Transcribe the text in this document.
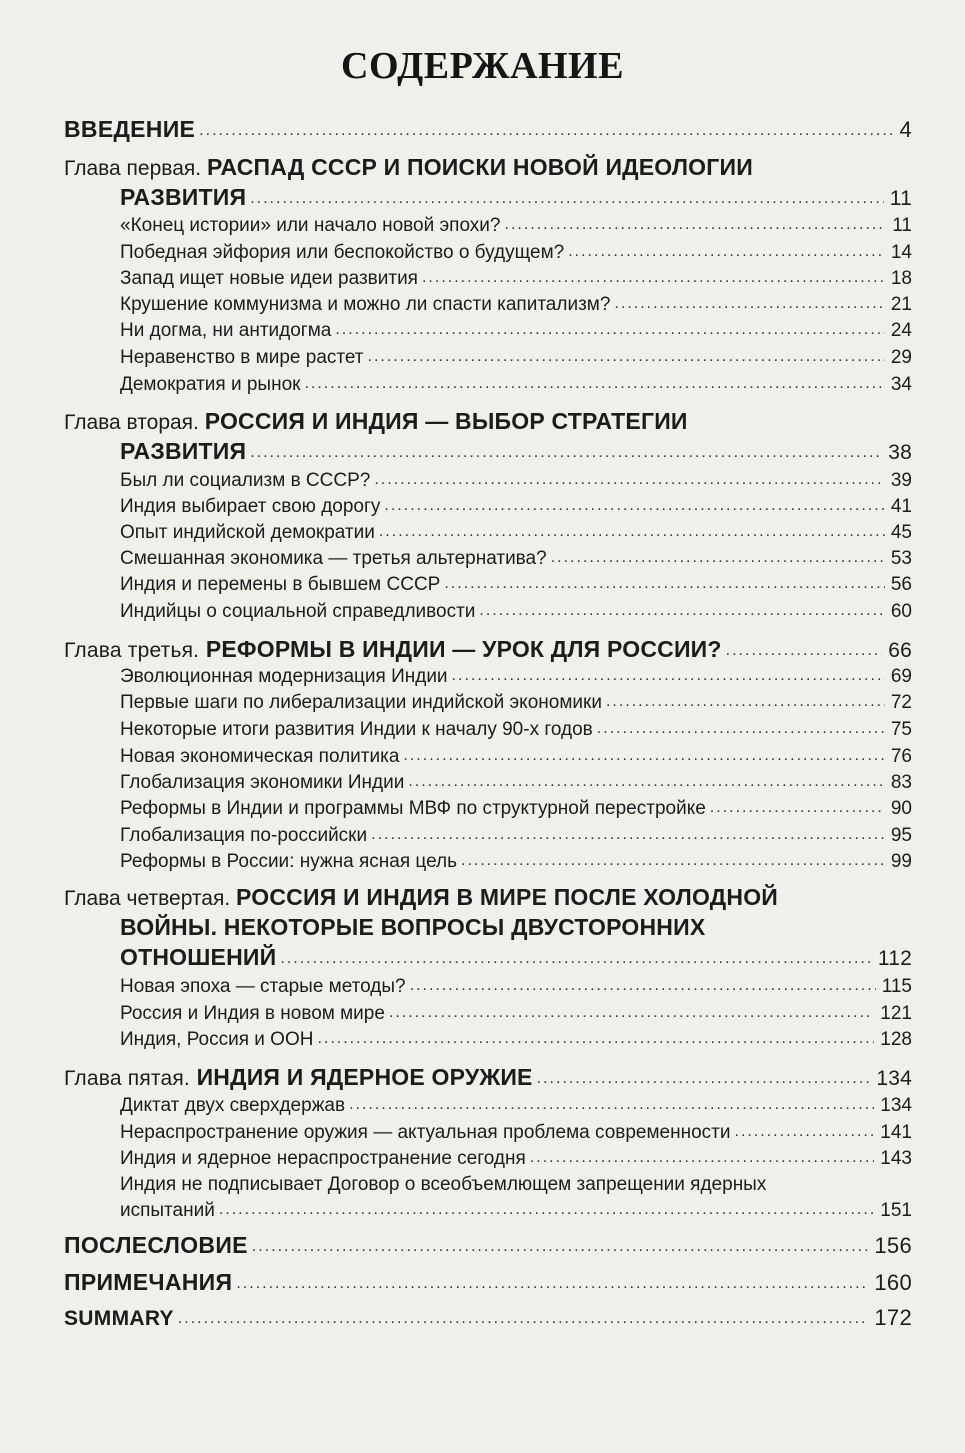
СОДЕРЖАНИЕ
ВВЕДЕНИЕ .....	4
Глава первая. РАСПАД СССР И ПОИСКИ НОВОЙ ИДЕОЛОГИИ
РАЗВИТИЯ .....	11
«Конец истории» или начало новой эпохи? .....	11
Победная эйфория или беспокойство о будущем? .....	14
Запад ищет новые идеи развития .....	18
Крушение коммунизма и можно ли спасти капитализм? .....	21
Ни догма, ни антидогма .....	24
Неравенство в мире растет .....	29
Демократия и рынок .....	34
Глава вторая. РОССИЯ И ИНДИЯ — ВЫБОР СТРАТЕГИИ
РАЗВИТИЯ .....	38
Был ли социализм в СССР? .....	39
Индия выбирает свою дорогу .....	41
Опыт индийской демократии .....	45
Смешанная экономика — третья альтернатива? .....	53
Индия и перемены в бывшем СССР .....	56
Индийцы о социальной справедливости .....	60
Глава третья. РЕФОРМЫ В ИНДИИ — УРОК ДЛЯ РОССИИ? .....	66
Эволюционная модернизация Индии .....	69
Первые шаги по либерализации индийской экономики .....	72
Некоторые итоги развития Индии к началу 90-х годов .....	75
Новая экономическая политика .....	76
Глобализация экономики Индии .....	83
Реформы в Индии и программы МВФ по структурной перестройке .....	90
Глобализация по-российски .....	95
Реформы в России: нужна ясная цель .....	99
Глава четвертая. РОССИЯ И ИНДИЯ В МИРЕ ПОСЛЕ ХОЛОДНОЙ
ВОЙНЫ. НЕКОТОРЫЕ ВОПРОСЫ ДВУСТОРОННИХ
ОТНОШЕНИЙ .....	112
Новая эпоха — старые методы? .....	115
Россия и Индия в новом мире .....	121
Индия, Россия и ООН .....	128
Глава пятая. ИНДИЯ И ЯДЕРНОЕ ОРУЖИЕ .....	134
Диктат двух сверхдержав .....	134
Нераспространение оружия — актуальная проблема современности .....	141
Индия и ядерное нераспространение сегодня .....	143
Индия не подписывает Договор о всеобъемлющем запрещении ядерных
испытаний .....	151
ПОСЛЕСЛОВИЕ .....	156
ПРИМЕЧАНИЯ .....	160
SUMMARY .....	172
